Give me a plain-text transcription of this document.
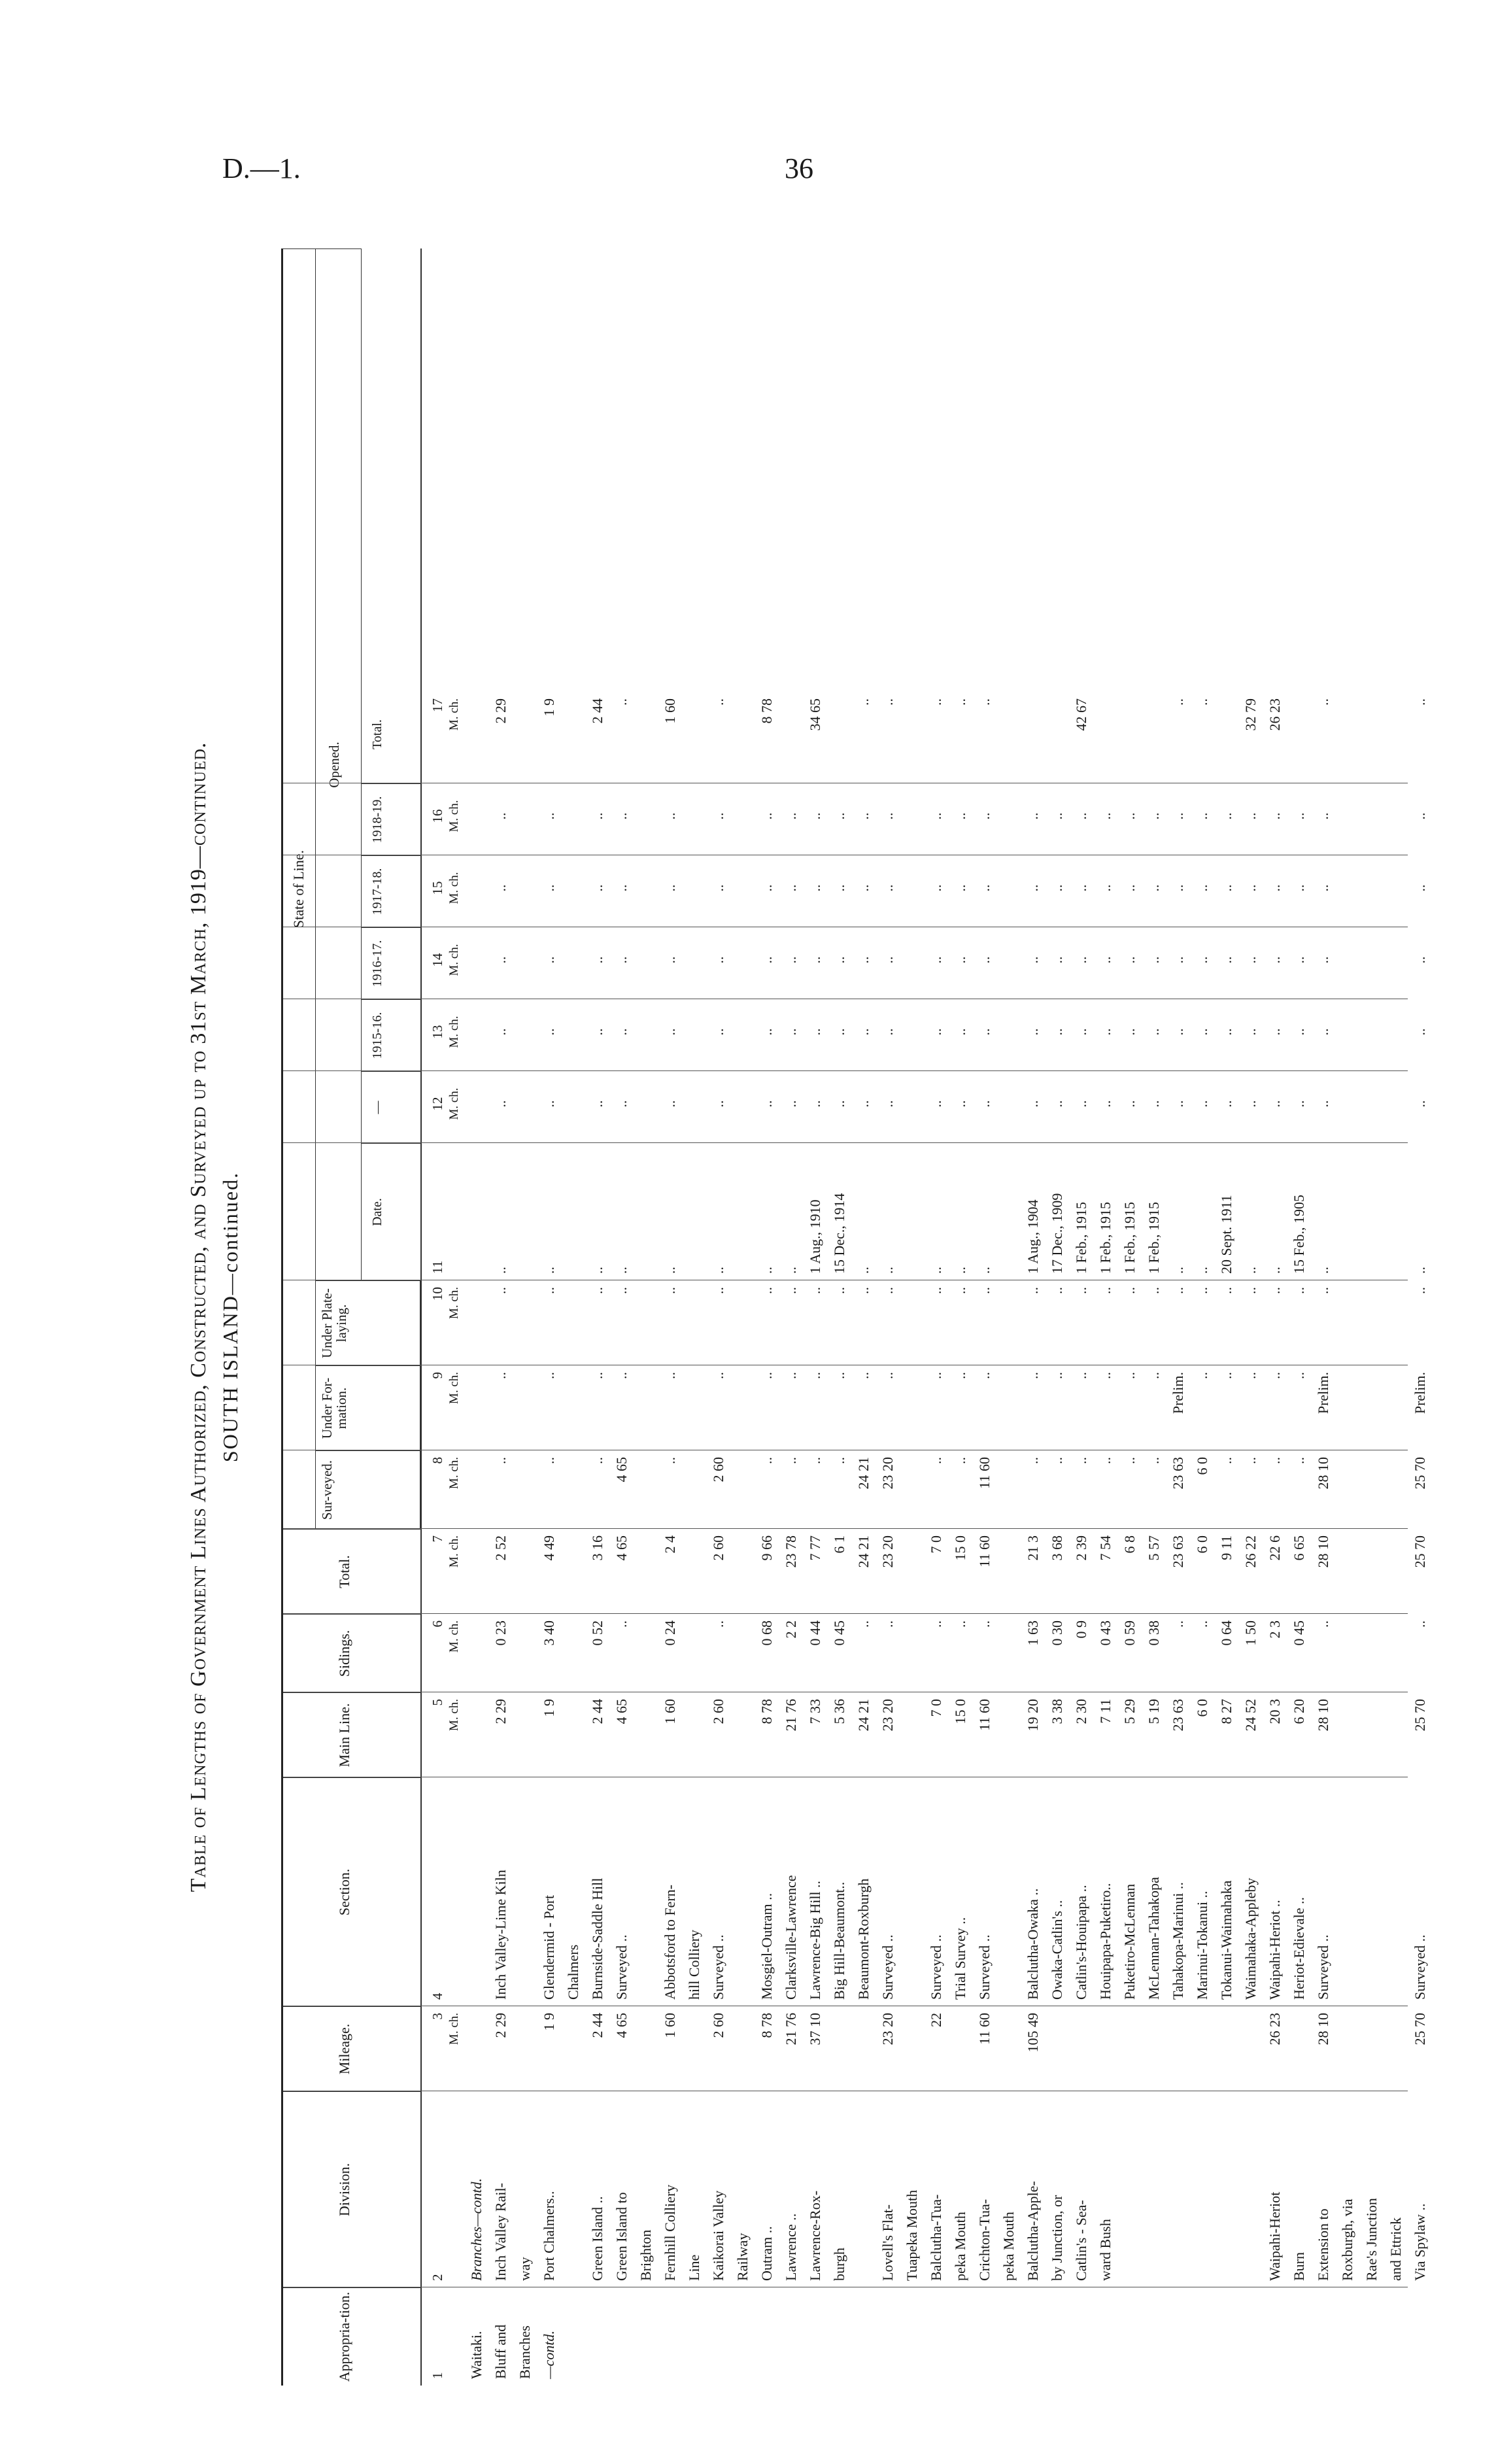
D.—1.	36
Table of Lengths of Government Lines Authorized, Constructed, and Surveyed up to 31st March, 1919—continued. SOUTH ISLAND—continued.
Appropria-tion.
Division.
Mileage.
Section.
Main Line.
Sidings.
Total.
State of Line.
Sur-veyed.
Under For-mation.
Under Plate-laying.
Opened.
Date.
—
1915-16.
1916-17.
1917-18.
1918-19.
Total.
1
2
3
4
5
6
7
8
9
10
11
12
13
14
15
16
17
M. ch.
M. ch.
M. ch.
M. ch.
M. ch.
M. ch.
M. ch.
M. ch.
M. ch.
M. ch.
M. ch.
M. ch.
M. ch.
Waitaki.
Branches—contd.
Bluff and
Inch Valley Rail-
2 29
Inch Valley-Lime Kiln
2 29
0 23
2 52
..
..
..
..
..
..
..
..
..
2 29
Branches
way
—contd.
Port Chalmers..
1 9
Glendermid - Port
1 9
3 40
4 49
..
..
..
..
..
..
..
..
..
1 9
Chalmers
Green Island ..
2 44
Burnside-Saddle Hill
2 44
0 52
3 16
..
..
..
..
..
..
..
..
..
2 44
Green Island to
4 65
Surveyed ..
4 65
..
4 65
4 65
..
..
..
..
..
..
..
..
..
Brighton Fernhill Colliery
1 60
Abbotsford to Fern-
1 60
0 24
2 4
..
..
..
..
..
..
..
..
..
1 60
Line
hill Colliery
Kaikorai Valley
2 60
Surveyed ..
2 60
..
2 60
2 60
..
..
..
..
..
..
..
..
..
Railway Outram ..
8 78
Mosgiel-Outram ..
8 78
0 68
9 66
..
..
..
..
..
..
..
..
..
8 78
Lawrence ..
21 76
Clarksville-Lawrence
21 76
2 2
23 78
..
..
..
..
..
..
..
..
..
Lawrence-Rox-
37 10
Lawrence-Big Hill ..
7 33
0 44
7 77
..
..
..
1 Aug., 1910
..
..
..
..
..
34 65
burgh
Big Hill-Beaumont..
5 36
0 45
6 1
..
..
..
15 Dec., 1914
..
..
..
..
..
Beaumont-Roxburgh
24 21
..
24 21
24 21
..
..
..
..
..
..
..
..
..
Lovell's Flat-
23 20
Surveyed ..
23 20
..
23 20
23 20
..
..
..
..
..
..
..
..
..
Tuapeka Mouth Balclutha-Tua-
22
Surveyed ..
7 0
..
7 0
..
..
..
..
..
..
..
..
..
..
peka Mouth
Trial Survey ..
15 0
..
15 0
..
..
..
..
..
..
..
..
..
..
Crichton-Tua-
11 60
Surveyed ..
11 60
..
11 60
11 60
..
..
..
..
..
..
..
..
..
peka Mouth Balclutha-Apple-
105 49
Balclutha-Owaka ..
19 20
1 63
21 3
..
..
..
1 Aug., 1904
..
..
..
..
..
by Junction, or
Owaka-Catlin's ..
3 38
0 30
3 68
..
..
..
17 Dec., 1909
..
..
..
..
..
Catlin's - Sea-
Catlin's-Houipapa ..
2 30
0 9
2 39
..
..
..
1 Feb., 1915
..
..
..
..
..
42 67
ward Bush
Houipapa-Puketiro..
7 11
0 43
7 54
..
..
..
1 Feb., 1915
..
..
..
..
..
Puketiro-McLennan
5 29
0 59
6 8
..
..
..
1 Feb., 1915
..
..
..
..
..
McLennan-Tahakopa
5 19
0 38
5 57
..
..
..
1 Feb., 1915
..
..
..
..
..
Tahakopa-Marinui ..
23 63
..
23 63
23 63
Prelim.
..
..
..
..
..
..
..
..
Marinui-Tokanui ..
6 0
..
6 0
6 0
..
..
..
..
..
..
..
..
..
Tokanui-Waimahaka
8 27
0 64
9 11
..
..
..
20 Sept. 1911
..
..
..
..
..
Waimahaka-Appleby
24 52
1 50
26 22
..
..
..
..
..
..
..
..
..
32 79
Waipahi-Heriot
26 23
Waipahi-Heriot ..
20 3
2 3
22 6
..
..
..
..
..
..
..
..
..
26 23
Burn
Heriot-Edievale ..
6 20
0 45
6 65
..
..
..
15 Feb., 1905
..
..
..
..
..
Extension to
28 10
Surveyed ..
28 10
..
28 10
28 10
Prelim.
..
..
..
..
..
..
..
..
Roxburgh, via Rae's Junction and Ettrick Via Spylaw ..
25 70
Surveyed ..
25 70
..
25 70
25 70
Prelim.
..
..
..
..
..
..
..
..
